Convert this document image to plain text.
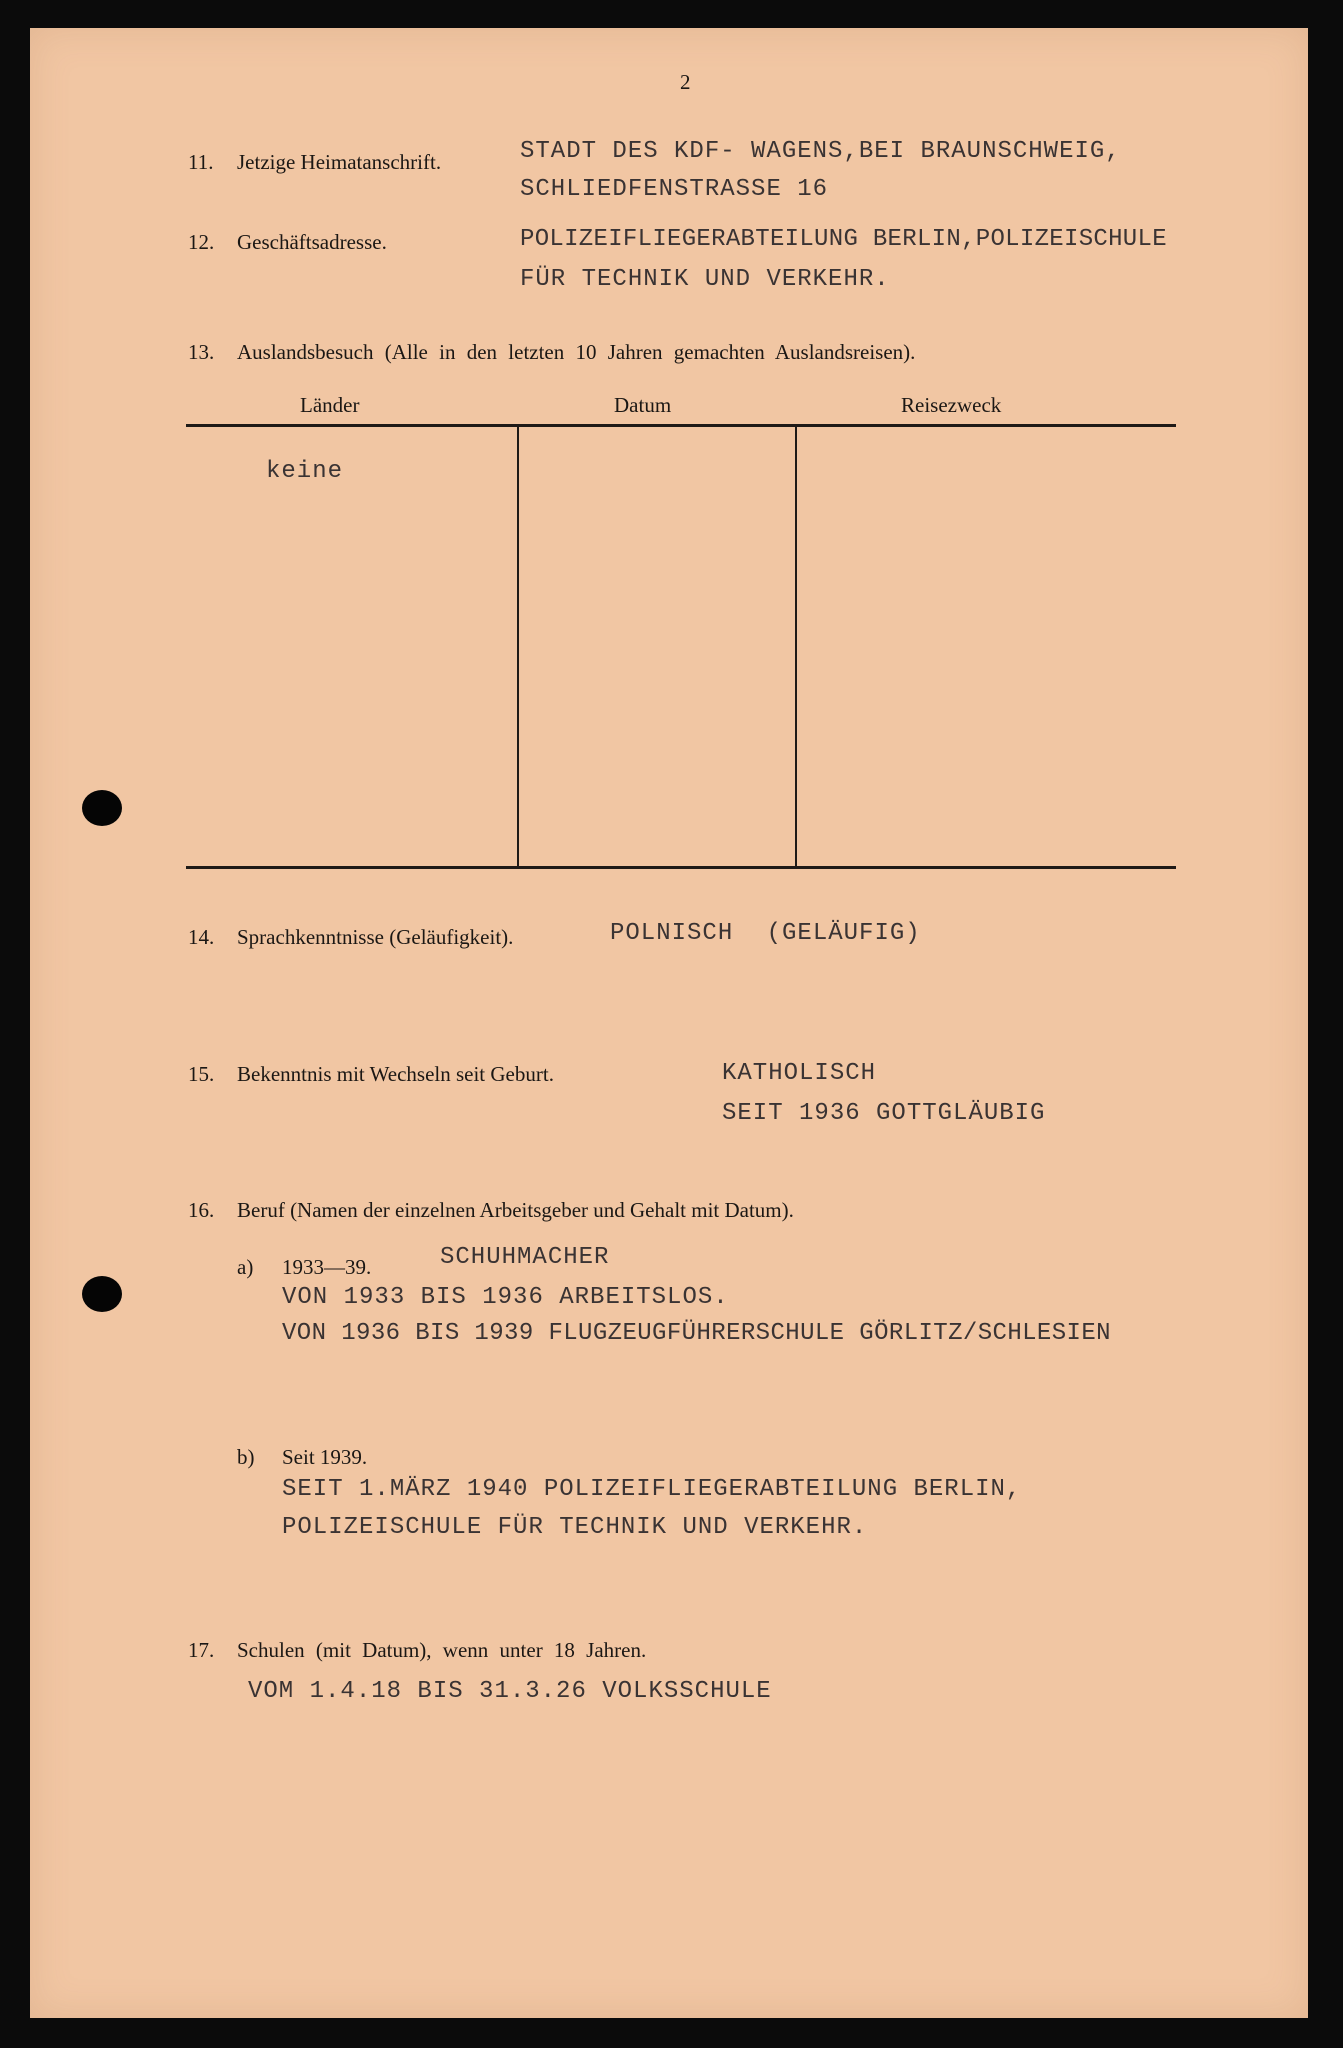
2
11. Jetzige Heimatanschrift.	STADT DES KDF- WAGENS,BEI BRAUNSCHWEIG,
SCHLIEDFENSTRASSE 16
12. Geschäftsadresse.	POLIZEIFLIEGERABTEILUNG BERLIN,POLIZEISCHULE
FÜR TECHNIK UND VERKEHR.
13. Auslandsbesuch (Alle in den letzten 10 Jahren gemachten Auslandsreisen).
Länder	Datum	Reisezweck
keine
14. Sprachkenntnisse (Geläufigkeit).	POLNISCH (GELÄUFIG)
15. Bekenntnis mit Wechseln seit Geburt.	KATHOLISCH
SEIT 1936 GOTTGLÄUBIG
16. Beruf (Namen der einzelnen Arbeitsgeber und Gehalt mit Datum).
a) 1933—39.	SCHUHMACHER
VON 1933 BIS 1936 ARBEITSLOS.
VON 1936 BIS 1939 FLUGZEUGFÜHRERSCHULE GÖRLITZ/SCHLESIEN
b) Seit 1939.
SEIT 1.MÄRZ 1940 POLIZEIFLIEGERABTEILUNG BERLIN,
POLIZEISCHULE FÜR TECHNIK UND VERKEHR.
17. Schulen (mit Datum), wenn unter 18 Jahren.
VOM 1.4.18 BIS 31.3.26 VOLKSSCHULE
